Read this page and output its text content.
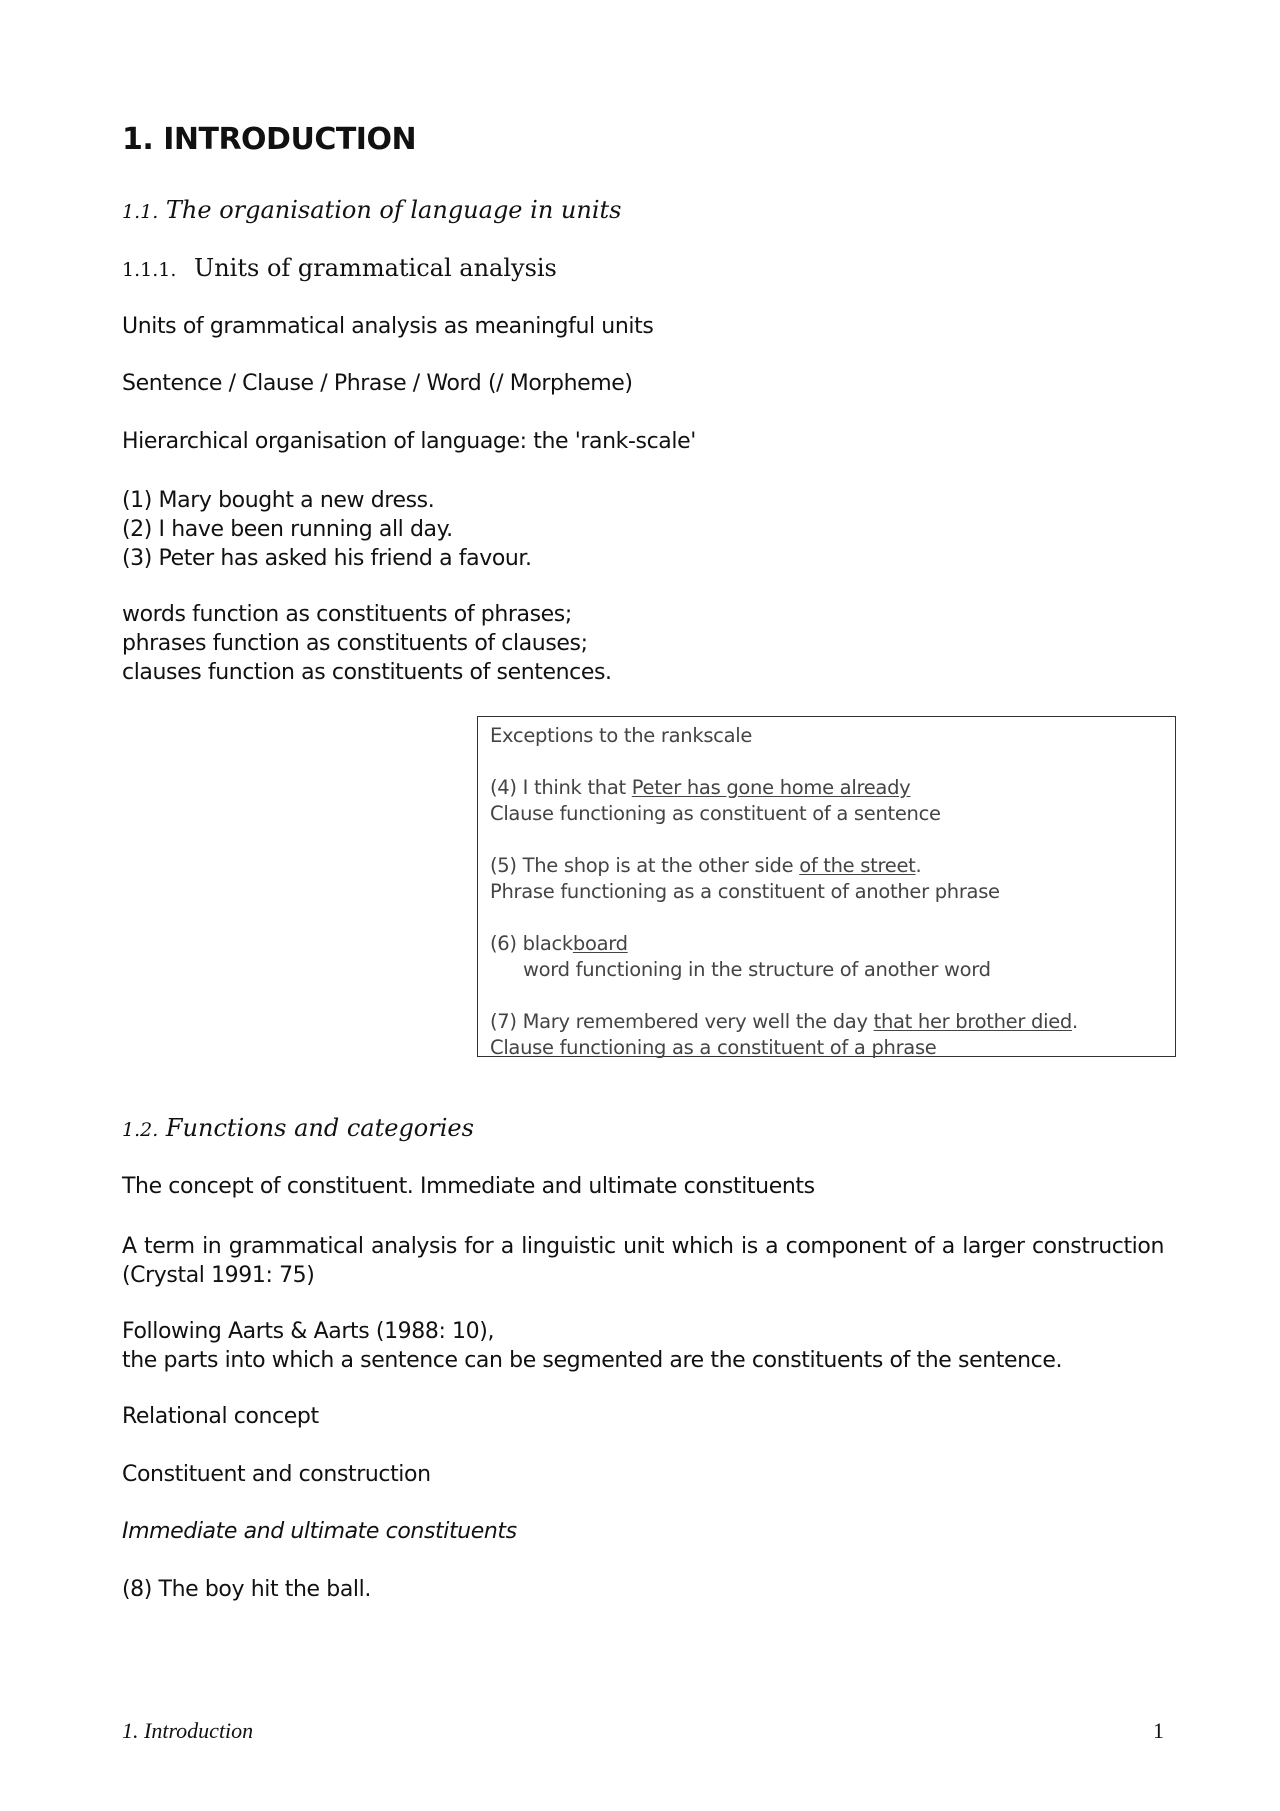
1. INTRODUCTION
1.1. The organisation of language in units
1.1.1. Units of grammatical analysis
Units of grammatical analysis as meaningful units
Sentence / Clause / Phrase / Word (/ Morpheme)
Hierarchical organisation of language: the 'rank-scale'
(1) Mary bought a new dress.
(2) I have been running all day.
(3) Peter has asked his friend a favour.
words function as constituents of phrases;
phrases function as constituents of clauses;
clauses function as constituents of sentences.
Exceptions to the rankscale
(4) I think that Peter has gone home already
Clause functioning as constituent of a sentence
(5) The shop is at the other side of the street.
Phrase functioning as a constituent of another phrase
(6) blackboard
word functioning in the structure of another word
(7) Mary remembered very well the day that her brother died.
Clause functioning as a constituent of a phrase
1.2. Functions and categories
The concept of constituent. Immediate and ultimate constituents
A term in grammatical analysis for a linguistic unit which is a component of a larger construction (Crystal 1991: 75)
Following Aarts & Aarts (1988: 10),
the parts into which a sentence can be segmented are the constituents of the sentence.
Relational concept
Constituent and construction
Immediate and ultimate constituents
(8) The boy hit the ball.
1. Introduction	1
